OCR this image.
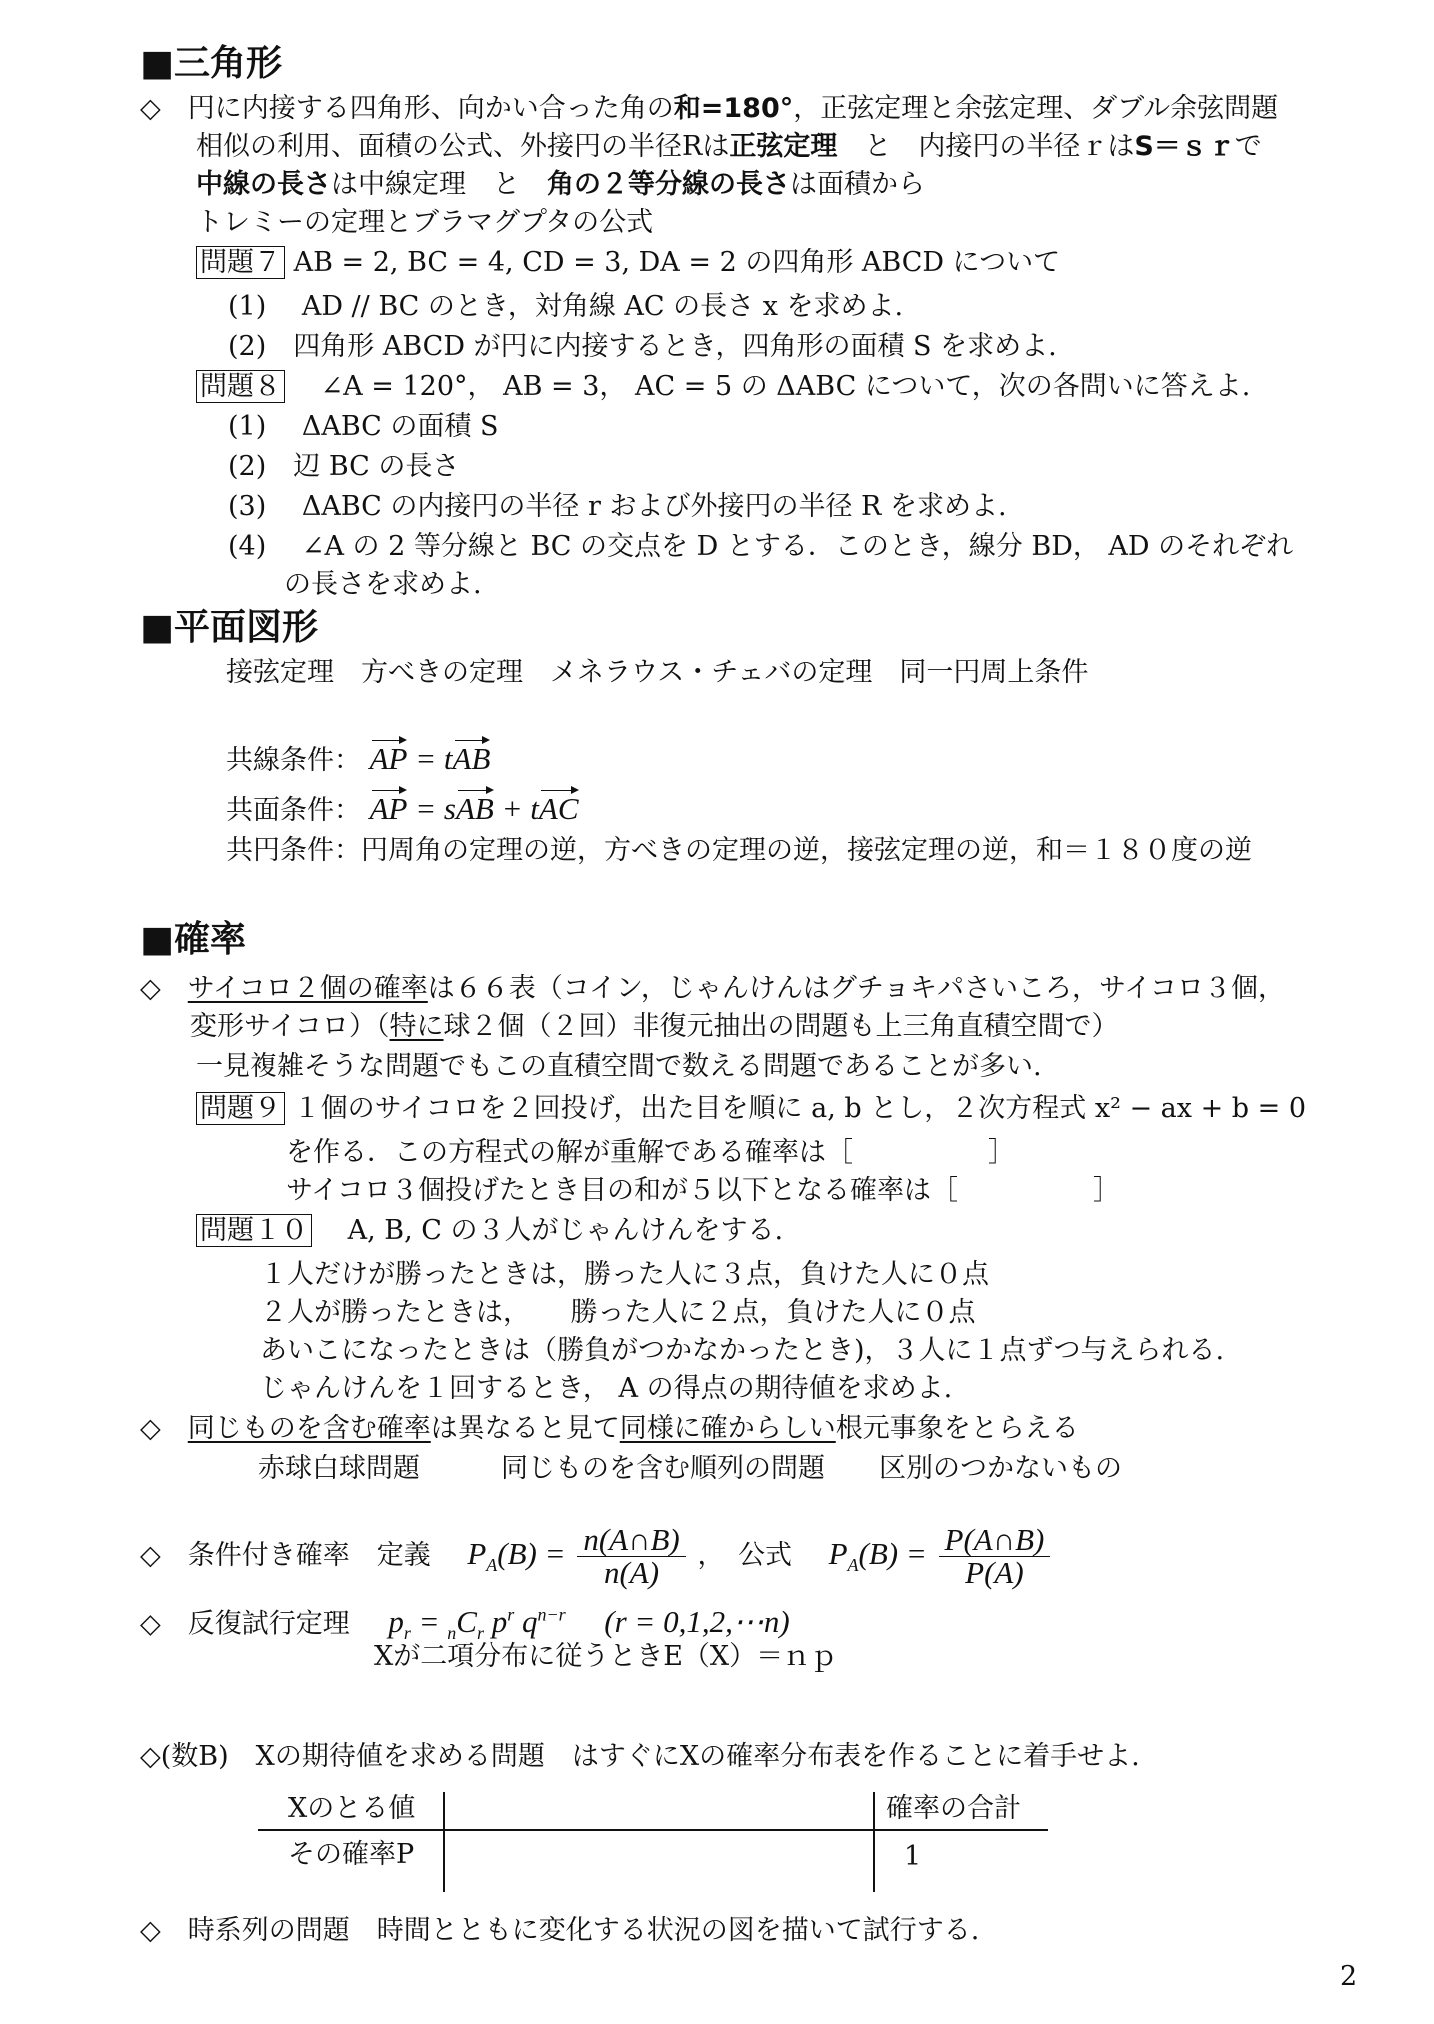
■三角形
◇　円に内接する四角形、向かい合った角の和=180°，正弦定理と余弦定理、ダブル余弦問題
相似の利用、面積の公式、外接円の半径Rは正弦定理　と　内接円の半径ｒはS＝ｓｒで
中線の長さは中線定理　と　角の２等分線の長さは面積から
トレミーの定理とブラマグプタの公式
問題７ AB = 2, BC = 4, CD = 3, DA = 2 の四角形 ABCD について
(1)　 AD // BC のとき，対角線 AC の長さ x を求めよ.
(2)　四角形 ABCD が円に内接するとき，四角形の面積 S を求めよ.
問題８ 　∠A = 120°， AB = 3， AC = 5 の ΔABC について，次の各問いに答えよ.
(1)　 ΔABC の面積 S
(2)　辺 BC の長さ
(3)　 ΔABC の内接円の半径 r および外接円の半径 R を求めよ.
(4)　 ∠A の 2 等分線と BC の交点を D とする．このとき，線分 BD， AD のそれぞれ
の長さを求めよ.
■平面図形
接弦定理　方べきの定理　メネラウス・チェバの定理　同一円周上条件
共線条件： AP = tAB
共面条件： AP = sAB + tAC
共円条件：円周角の定理の逆，方べきの定理の逆，接弦定理の逆，和＝１８０度の逆
■確率
◇　サイコロ２個の確率は６６表（コイン，じゃんけんはグチョキパさいころ，サイコロ３個，
変形サイコロ）（特に球２個（２回）非復元抽出の問題も上三角直積空間で）
一見複雑そうな問題でもこの直積空間で数える問題であることが多い.
問題９ １個のサイコロを２回投げ，出た目を順に a, b とし，２次方程式 x² − ax + b = 0
を作る．この方程式の解が重解である確率は［　　　　　］
サイコロ３個投げたとき目の和が５以下となる確率は［　　　　　］
問題１０ 　A, B, C の３人がじゃんけんをする.
１人だけが勝ったときは，勝った人に３点，負けた人に０点
２人が勝ったときは，　　勝った人に２点，負けた人に０点
あいこになったときは（勝負がつかなかったとき)，３人に１点ずつ与えられる.
じゃんけんを１回するとき， A の得点の期待値を求めよ.
◇　同じものを含む確率は異なると見て同様に確からしい根元事象をとらえる
赤球白球問題　　　同じものを含む順列の問題　　区別のつかないもの
◇　条件付き確率　定義 $P_A(B) = \frac{n(A\cap B)}{n(A)}$ ，　公式 $P_A(B) = \frac{P(A\cap B)}{P(A)}$
◇　反復試行定理 $p_r = _nC_r$ $p^r$ $q^{n-r}$ (r = 0,1,2,⋯n)
Xが二項分布に従うときE（X）＝ｎｐ
◇(数B)　Xの期待値を求める問題　はすぐにXの確率分布表を作ることに着手せよ.
Xのとる値	確率の合計
その確率P	1
◇　時系列の問題　時間とともに変化する状況の図を描いて試行する.
2
